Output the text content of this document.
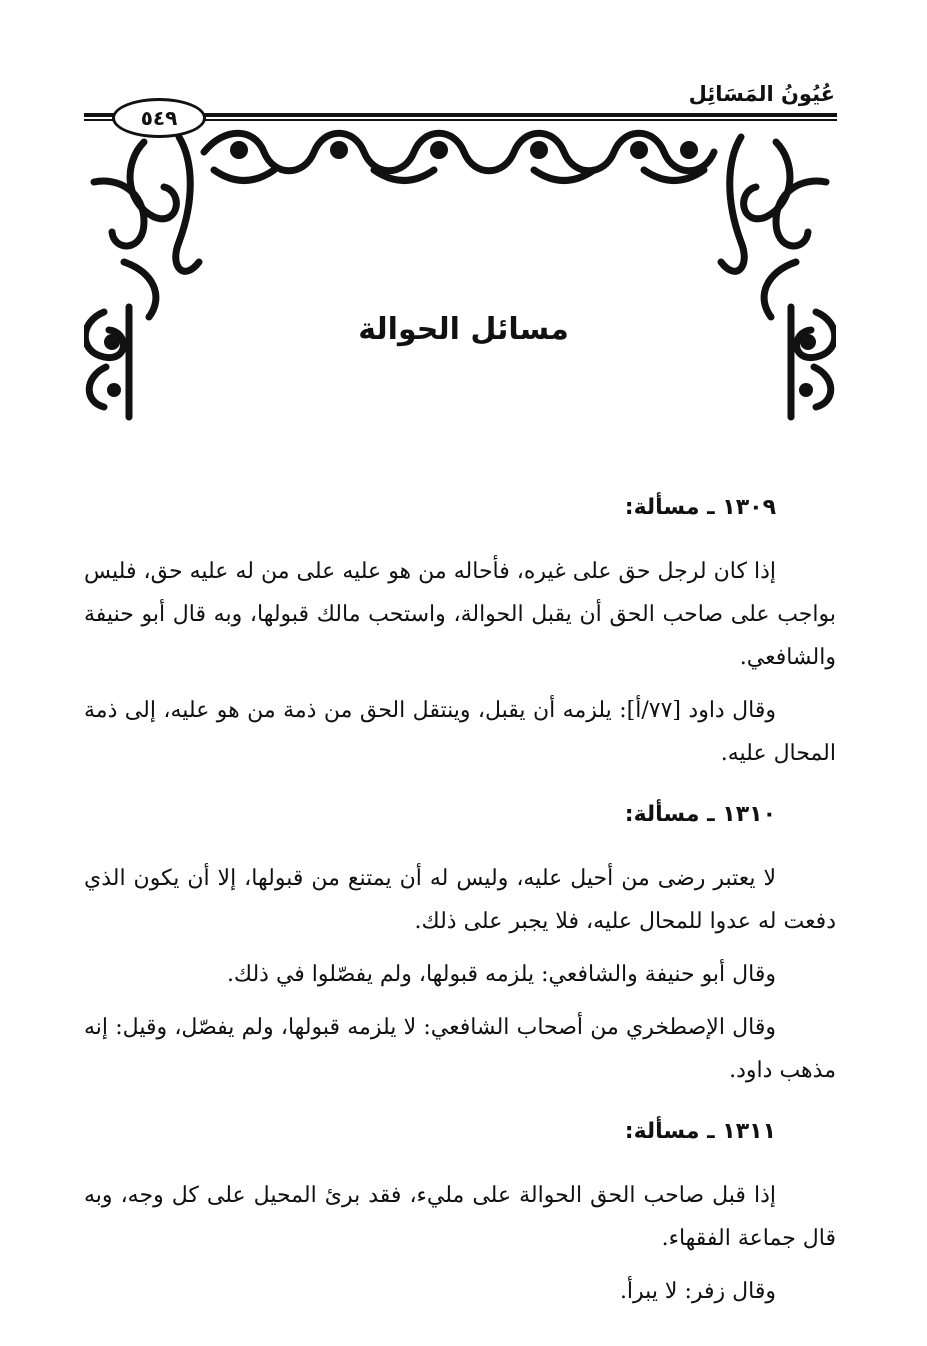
عُيُونُ المَسَائِل
٥٤٩
مسائل الحوالة
١٣٠٩ ـ مسألة:

إذا كان لرجل حق على غيره، فأحاله من هو عليه على من له عليه حق، فليس بواجب على صاحب الحق أن يقبل الحوالة، واستحب مالك قبولها، وبه قال أبو حنيفة والشافعي.

وقال داود [٧٧/أ]: يلزمه أن يقبل، وينتقل الحق من ذمة من هو عليه، إلى ذمة المحال عليه.

١٣١٠ ـ مسألة:

لا يعتبر رضى من أحيل عليه، وليس له أن يمتنع من قبولها، إلا أن يكون الذي دفعت له عدوا للمحال عليه، فلا يجبر على ذلك.

وقال أبو حنيفة والشافعي: يلزمه قبولها، ولم يفصّلوا في ذلك.

وقال الإصطخري من أصحاب الشافعي: لا يلزمه قبولها، ولم يفصّل، وقيل: إنه مذهب داود.

١٣١١ ـ مسألة:

إذا قبل صاحب الحق الحوالة على مليء، فقد برئ المحيل على كل وجه، وبه قال جماعة الفقهاء.

وقال زفر: لا يبرأ.
